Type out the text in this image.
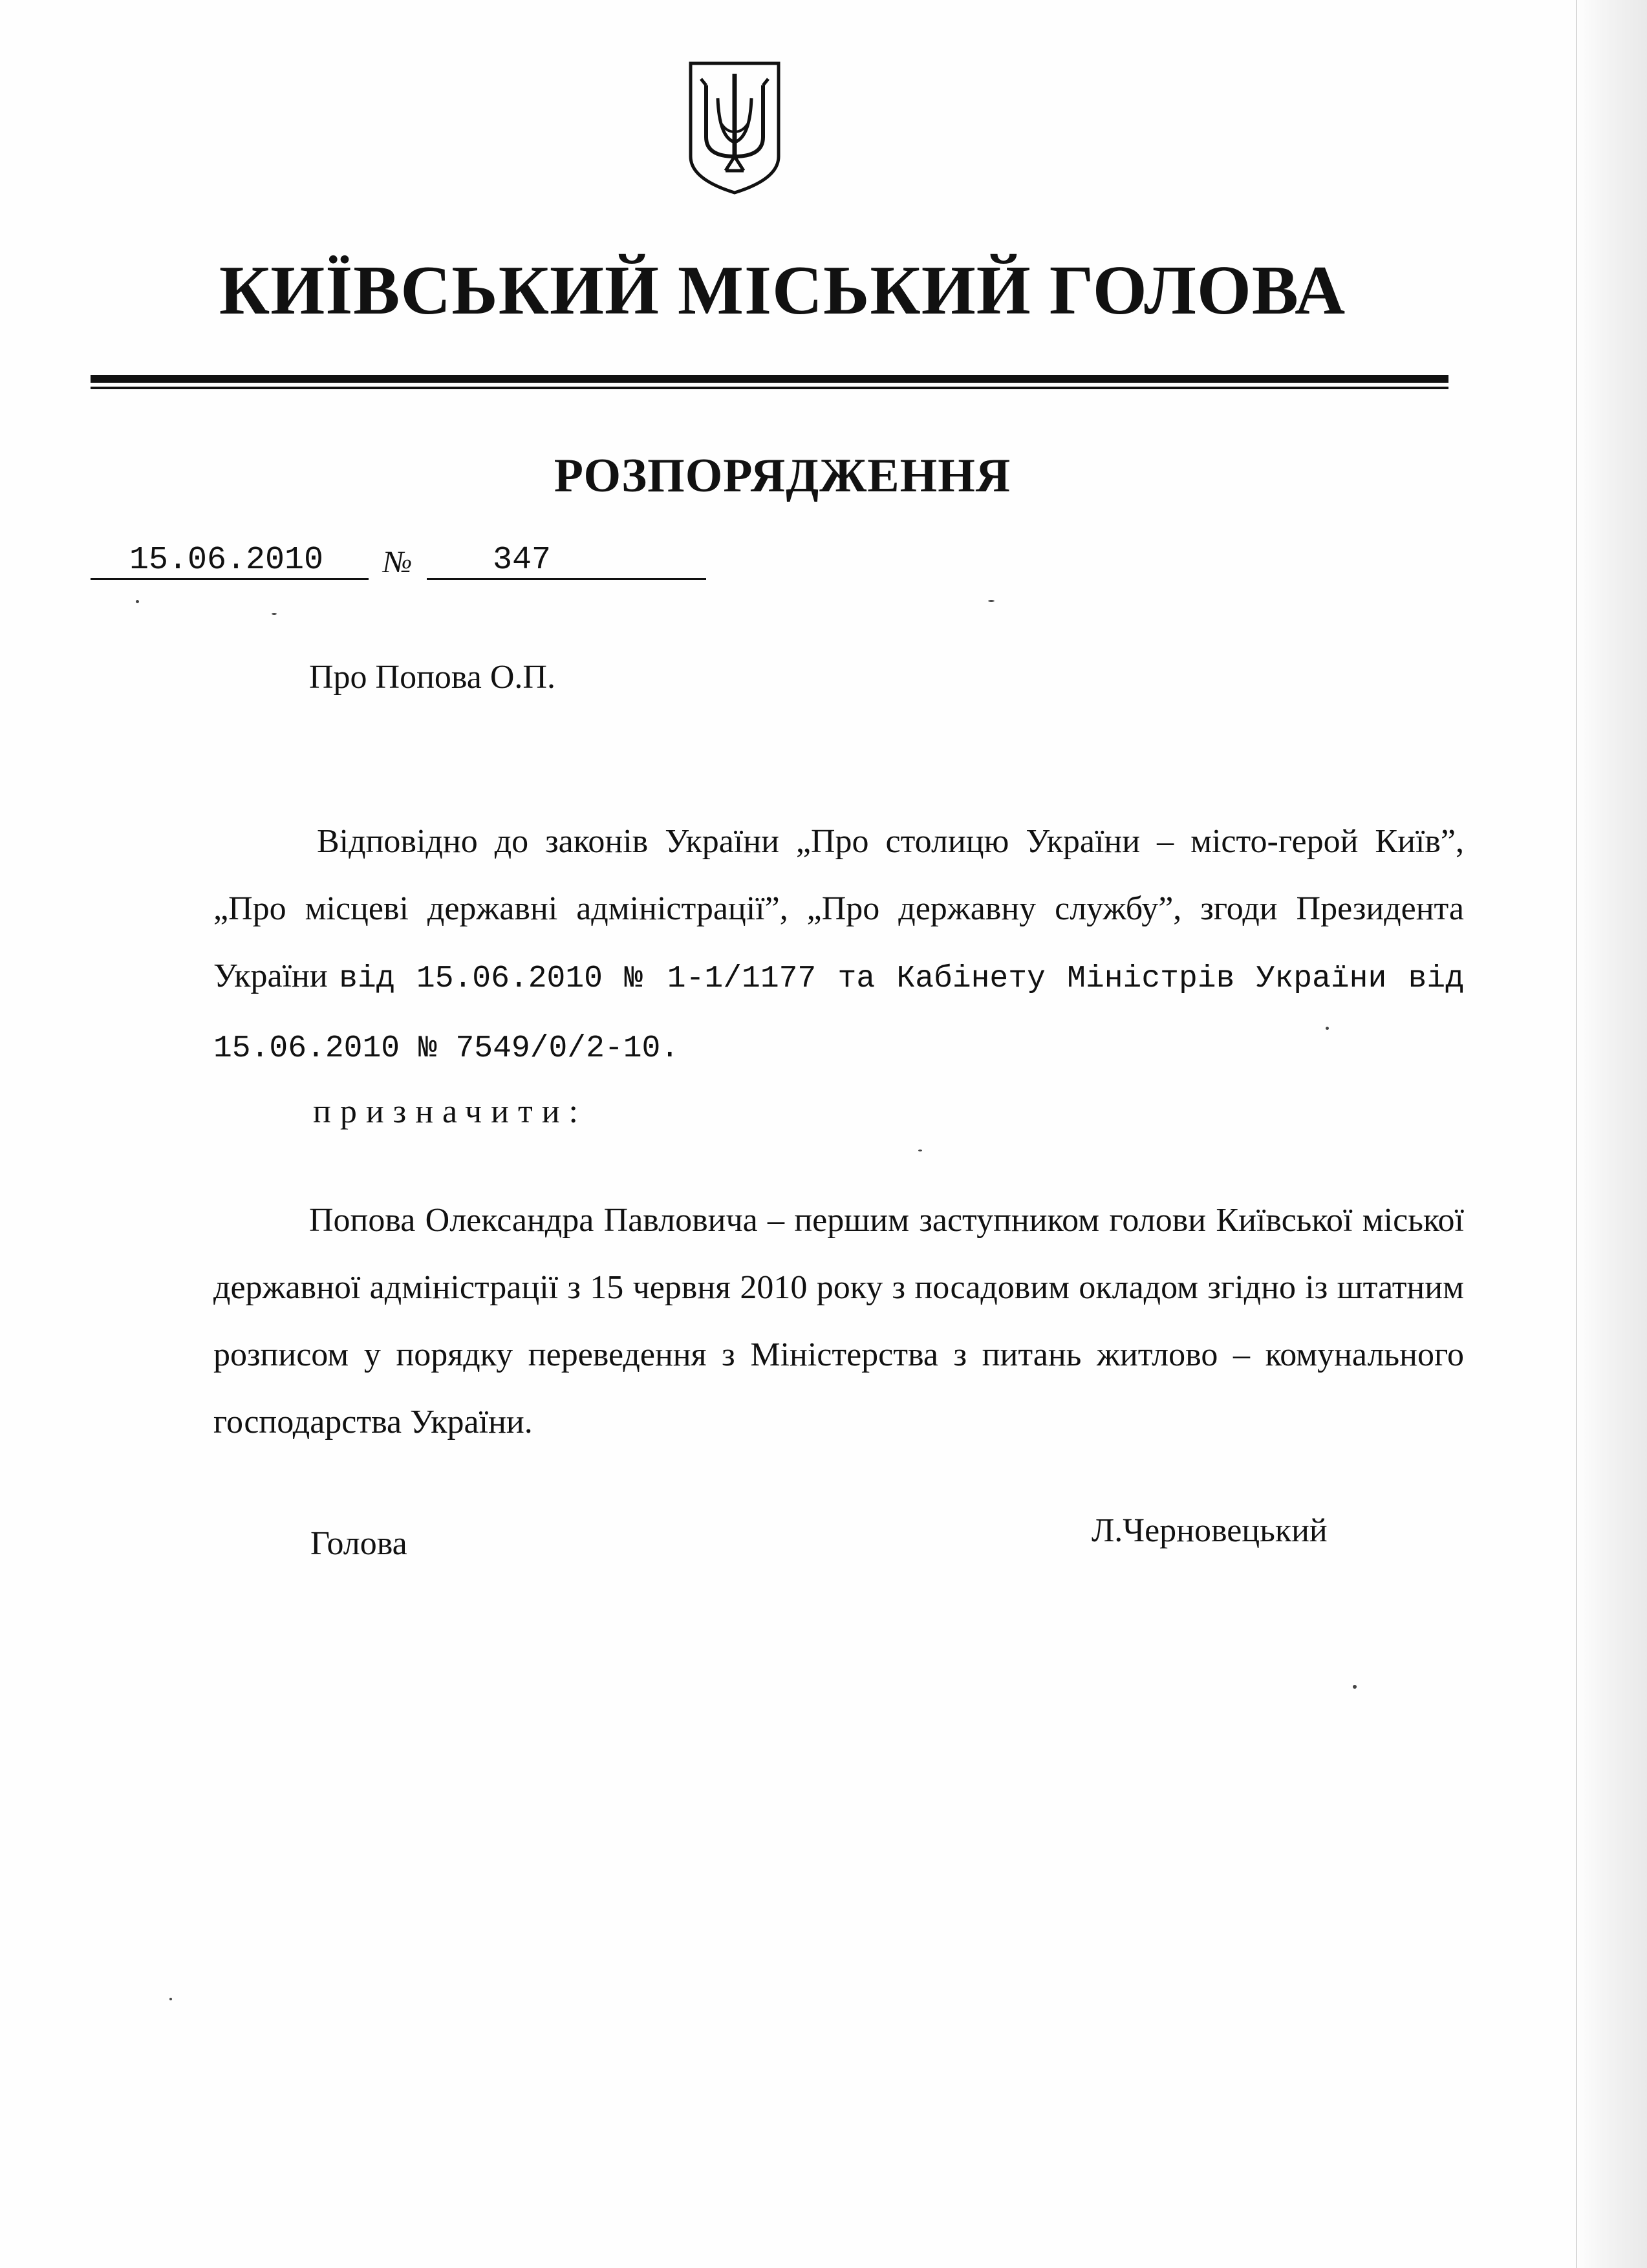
КИЇВСЬКИЙ МІСЬКИЙ ГОЛОВА
РОЗПОРЯДЖЕННЯ
15.06.2010 № 347
Про Попова О.П.
Відповідно до законів України „Про столицю України – місто-герой Київ”, „Про місцеві державні адміністрації”, „Про державну службу”, згоди Президента України від 15.06.2010 № 1-1/1177 та Кабінету Міністрів України від 15.06.2010 № 7549/0/2-10.
призначити:
Попова Олександра Павловича – першим заступником голови Київської міської державної адміністрації з 15 червня 2010 року з посадовим окладом згідно із штатним розписом у порядку переведення з Міністерства з питань житлово – комунального господарства України.
Голова	Л.Черновецький
